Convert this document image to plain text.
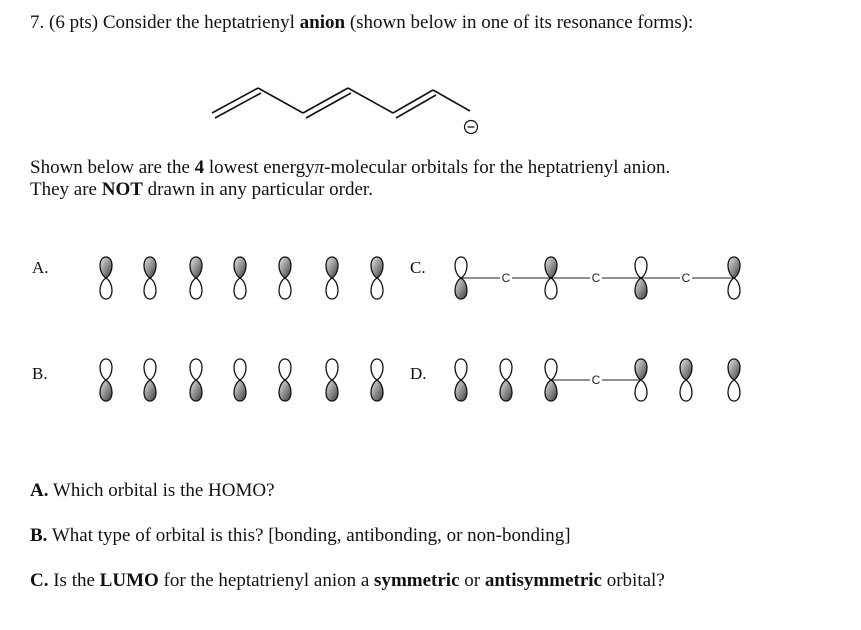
7. (6 pts) Consider the heptatrienyl anion (shown below in one of its resonance forms):
Shown below are the 4 lowest energyπ-molecular orbitals for the heptatrienyl anion.
They are NOT drawn in any particular order.
A.
B.
C.
D.
C	C	C
C
A. Which orbital is the HOMO?
B. What type of orbital is this? [bonding, antibonding, or non-bonding]
C. Is the LUMO for the heptatrienyl anion a symmetric or antisymmetric orbital?
